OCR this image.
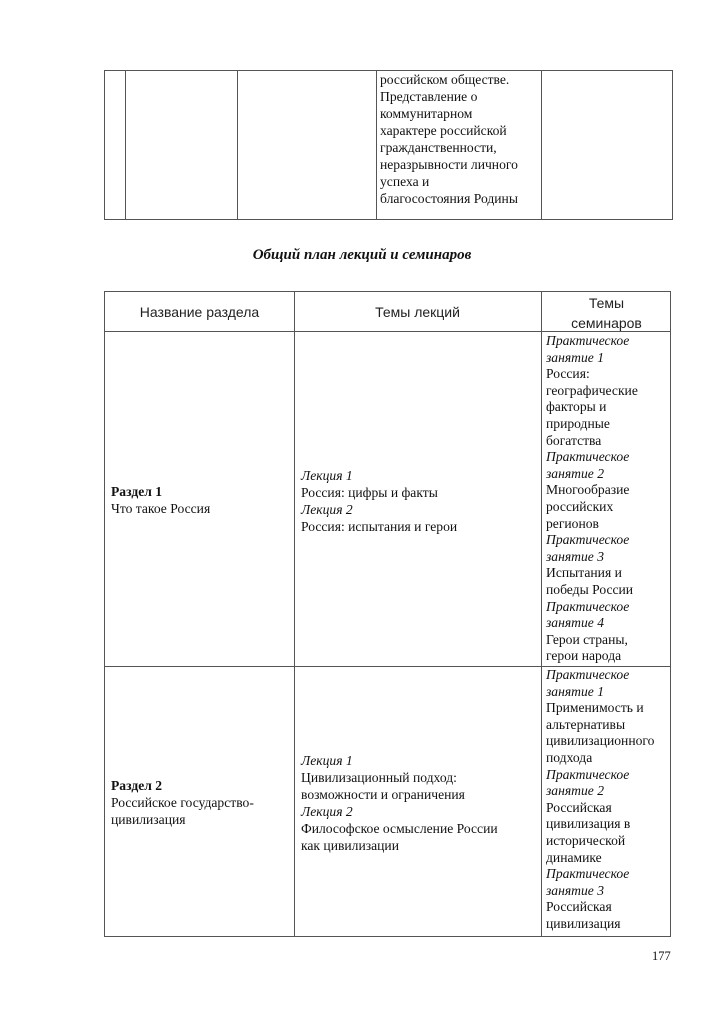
российском обществе.
Представление о
коммунитарном
характере российской
гражданственности,
неразрывности личного
успеха и
благосостояния Родины
Общий план лекций и семинаров
Название раздела	Темы лекций
Темы
семинаров
Раздел 1
Что такое Россия
Лекция 1
Россия: цифры и факты
Лекция 2
Россия: испытания и герои
Практическое
занятие 1
Россия:
географические
факторы и
природные
богатства
Практическое
занятие 2
Многообразие
российских
регионов
Практическое
занятие 3
Испытания и
победы России
Практическое
занятие 4
Герои страны,
герои народа
Раздел 2
Российское государство-
цивилизация
Лекция 1
Цивилизационный подход:
возможности и ограничения
Лекция 2
Философское осмысление России
как цивилизации
Практическое
занятие 1
Применимость и
альтернативы
цивилизационного
подхода
Практическое
занятие 2
Российская
цивилизация в
исторической
динамике
Практическое
занятие 3
Российская
цивилизация
177
